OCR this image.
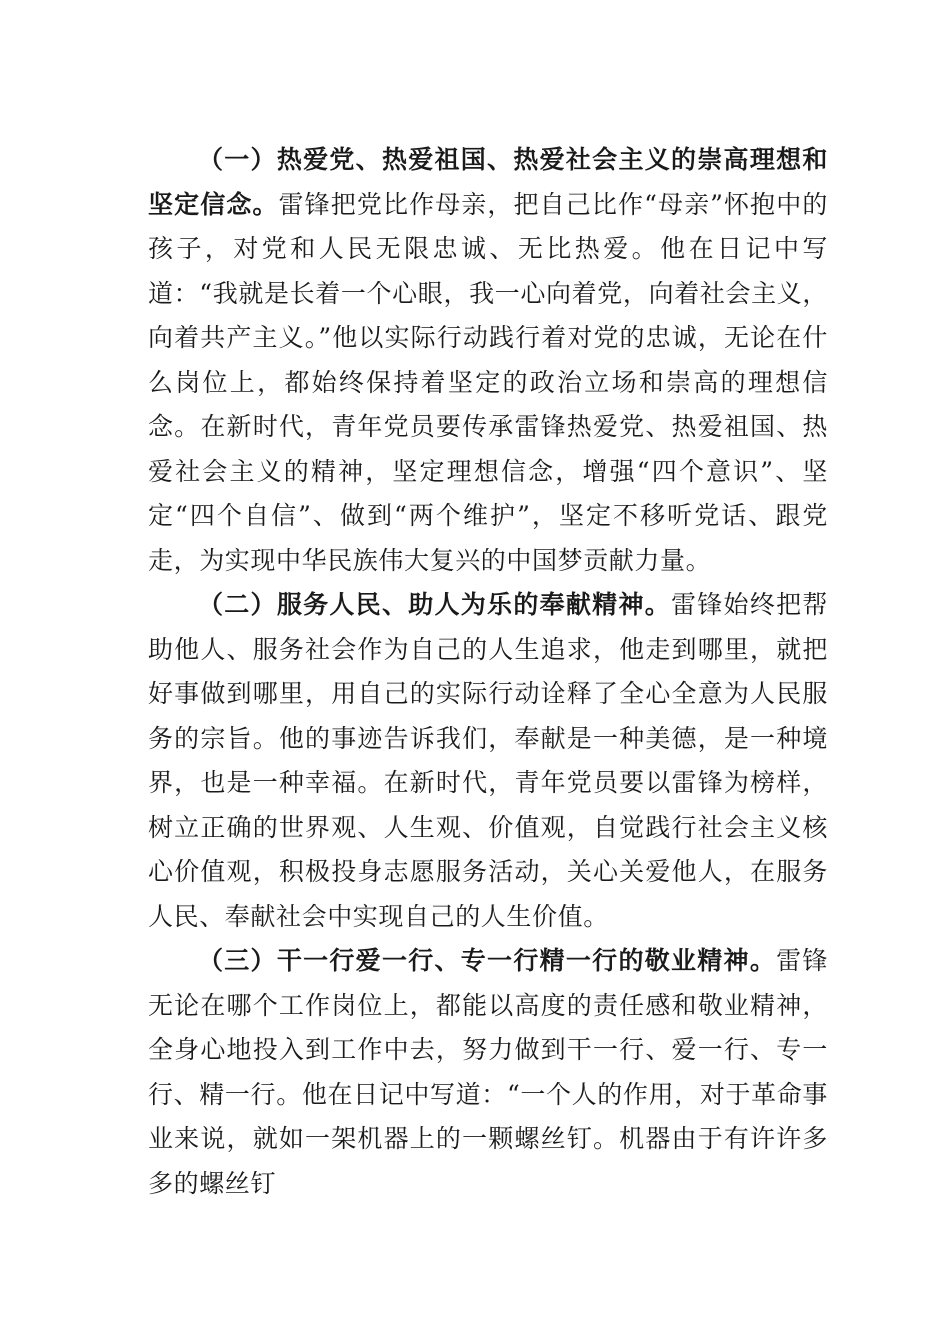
（一）热爱党、热爱祖国、热爱社会主义的崇高理想和坚定信念。雷锋把党比作母亲，把自己比作“母亲”怀抱中的孩子，对党和人民无限忠诚、无比热爱。他在日记中写道：“我就是长着一个心眼，我一心向着党，向着社会主义，向着共产主义。”他以实际行动践行着对党的忠诚，无论在什么岗位上，都始终保持着坚定的政治立场和崇高的理想信念。在新时代，青年党员要传承雷锋热爱党、热爱祖国、热爱社会主义的精神，坚定理想信念，增强“四个意识”、坚定“四个自信”、做到“两个维护”，坚定不移听党话、跟党走，为实现中华民族伟大复兴的中国梦贡献力量。

（二）服务人民、助人为乐的奉献精神。雷锋始终把帮助他人、服务社会作为自己的人生追求，他走到哪里，就把好事做到哪里，用自己的实际行动诠释了全心全意为人民服务的宗旨。他的事迹告诉我们，奉献是一种美德，是一种境界，也是一种幸福。在新时代，青年党员要以雷锋为榜样，树立正确的世界观、人生观、价值观，自觉践行社会主义核心价值观，积极投身志愿服务活动，关心关爱他人，在服务人民、奉献社会中实现自己的人生价值。

（三）干一行爱一行、专一行精一行的敬业精神。雷锋无论在哪个工作岗位上，都能以高度的责任感和敬业精神，全身心地投入到工作中去，努力做到干一行、爱一行、专一行、精一行。他在日记中写道：“一个人的作用，对于革命事业来说，就如一架机器上的一颗螺丝钉。机器由于有许许多多的螺丝钉
